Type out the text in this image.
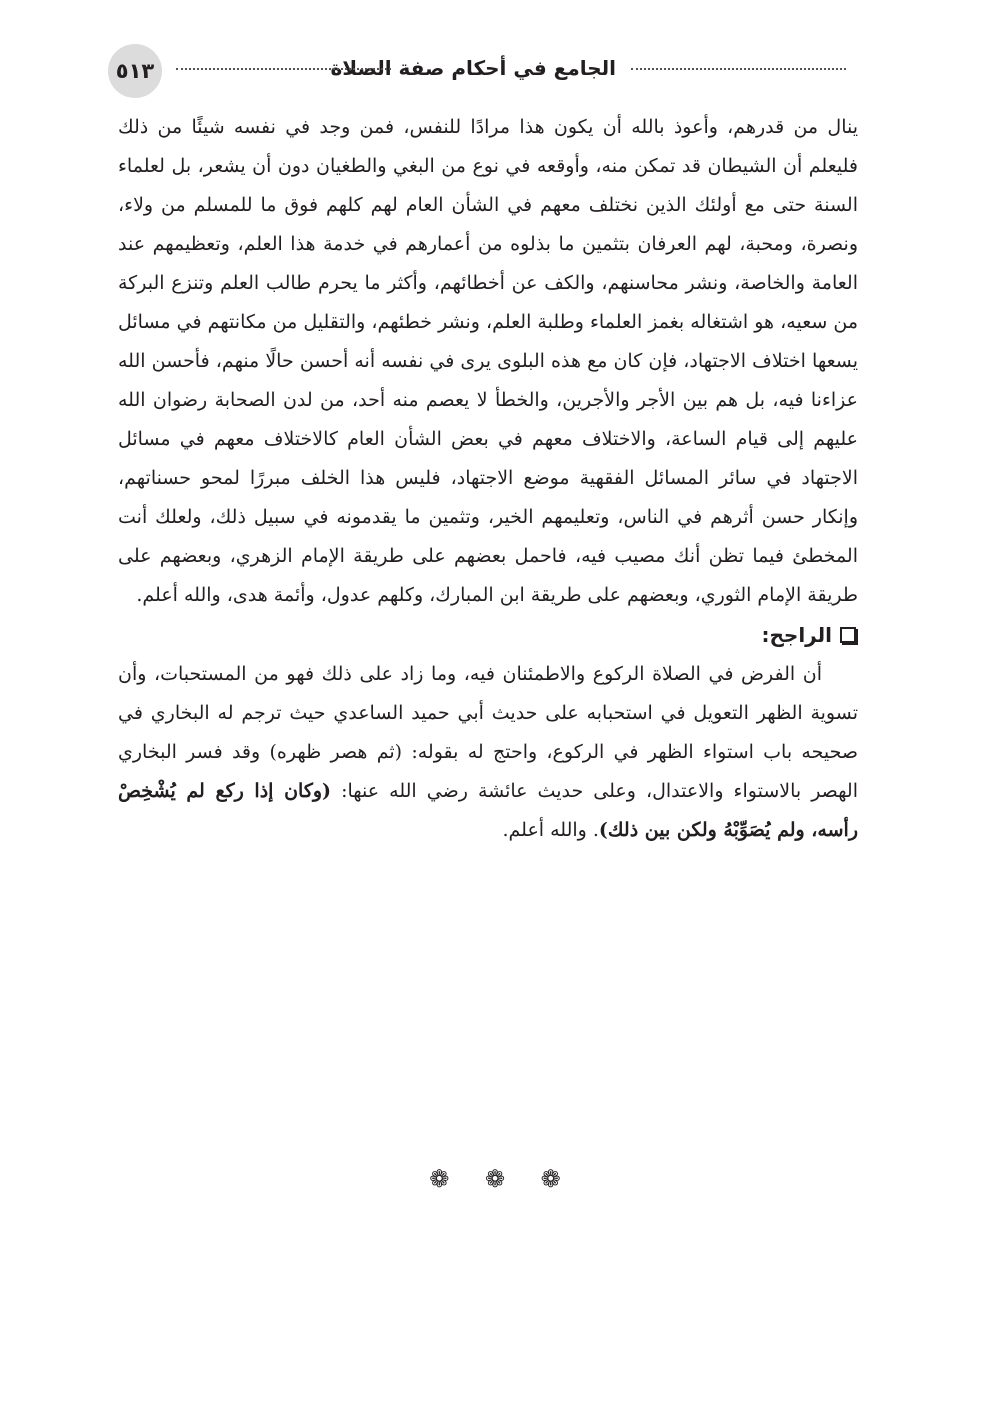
الجامع في أحكام صفة الصلاة
٥١٣

ينال من قدرهم، وأعوذ بالله أن يكون هذا مرادًا للنفس، فمن وجد في نفسه شيئًا من ذلك فليعلم أن الشيطان قد تمكن منه، وأوقعه في نوع من البغي والطغيان دون أن يشعر، بل لعلماء السنة حتى مع أولئك الذين نختلف معهم في الشأن العام لهم كلهم فوق ما للمسلم من ولاء، ونصرة، ومحبة، لهم العرفان بتثمين ما بذلوه من أعمارهم في خدمة هذا العلم، وتعظيمهم عند العامة والخاصة، ونشر محاسنهم، والكف عن أخطائهم، وأكثر ما يحرم طالب العلم وتنزع البركة من سعيه، هو اشتغاله بغمز العلماء وطلبة العلم، ونشر خطئهم، والتقليل من مكانتهم في مسائل يسعها اختلاف الاجتهاد، فإن كان مع هذه البلوى يرى في نفسه أنه أحسن حالًا منهم، فأحسن الله عزاءنا فيه، بل هم بين الأجر والأجرين، والخطأ لا يعصم منه أحد، من لدن الصحابة رضوان الله عليهم إلى قيام الساعة، والاختلاف معهم في بعض الشأن العام كالاختلاف معهم في مسائل الاجتهاد في سائر المسائل الفقهية موضع الاجتهاد، فليس هذا الخلف مبررًا لمحو حسناتهم، وإنكار حسن أثرهم في الناس، وتعليمهم الخير، وتثمين ما يقدمونه في سبيل ذلك، ولعلك أنت المخطئ فيما تظن أنك مصيب فيه، فاحمل بعضهم على طريقة الإمام الزهري، وبعضهم على طريقة الإمام الثوري، وبعضهم على طريقة ابن المبارك، وكلهم عدول، وأئمة هدى، والله أعلم.

الراجح:

أن الفرض في الصلاة الركوع والاطمئنان فيه، وما زاد على ذلك فهو من المستحبات، وأن تسوية الظهر التعويل في استحبابه على حديث أبي حميد الساعدي حيث ترجم له البخاري في صحيحه باب استواء الظهر في الركوع، واحتج له بقوله: (ثم هصر ظهره) وقد فسر البخاري الهصر بالاستواء والاعتدال، وعلى حديث عائشة رضي الله عنها: (وكان إذا ركع لم يُشْخِصْ رأسه، ولم يُصَوِّبْهُ ولكن بين ذلك). والله أعلم.

❁ ❁ ❁
